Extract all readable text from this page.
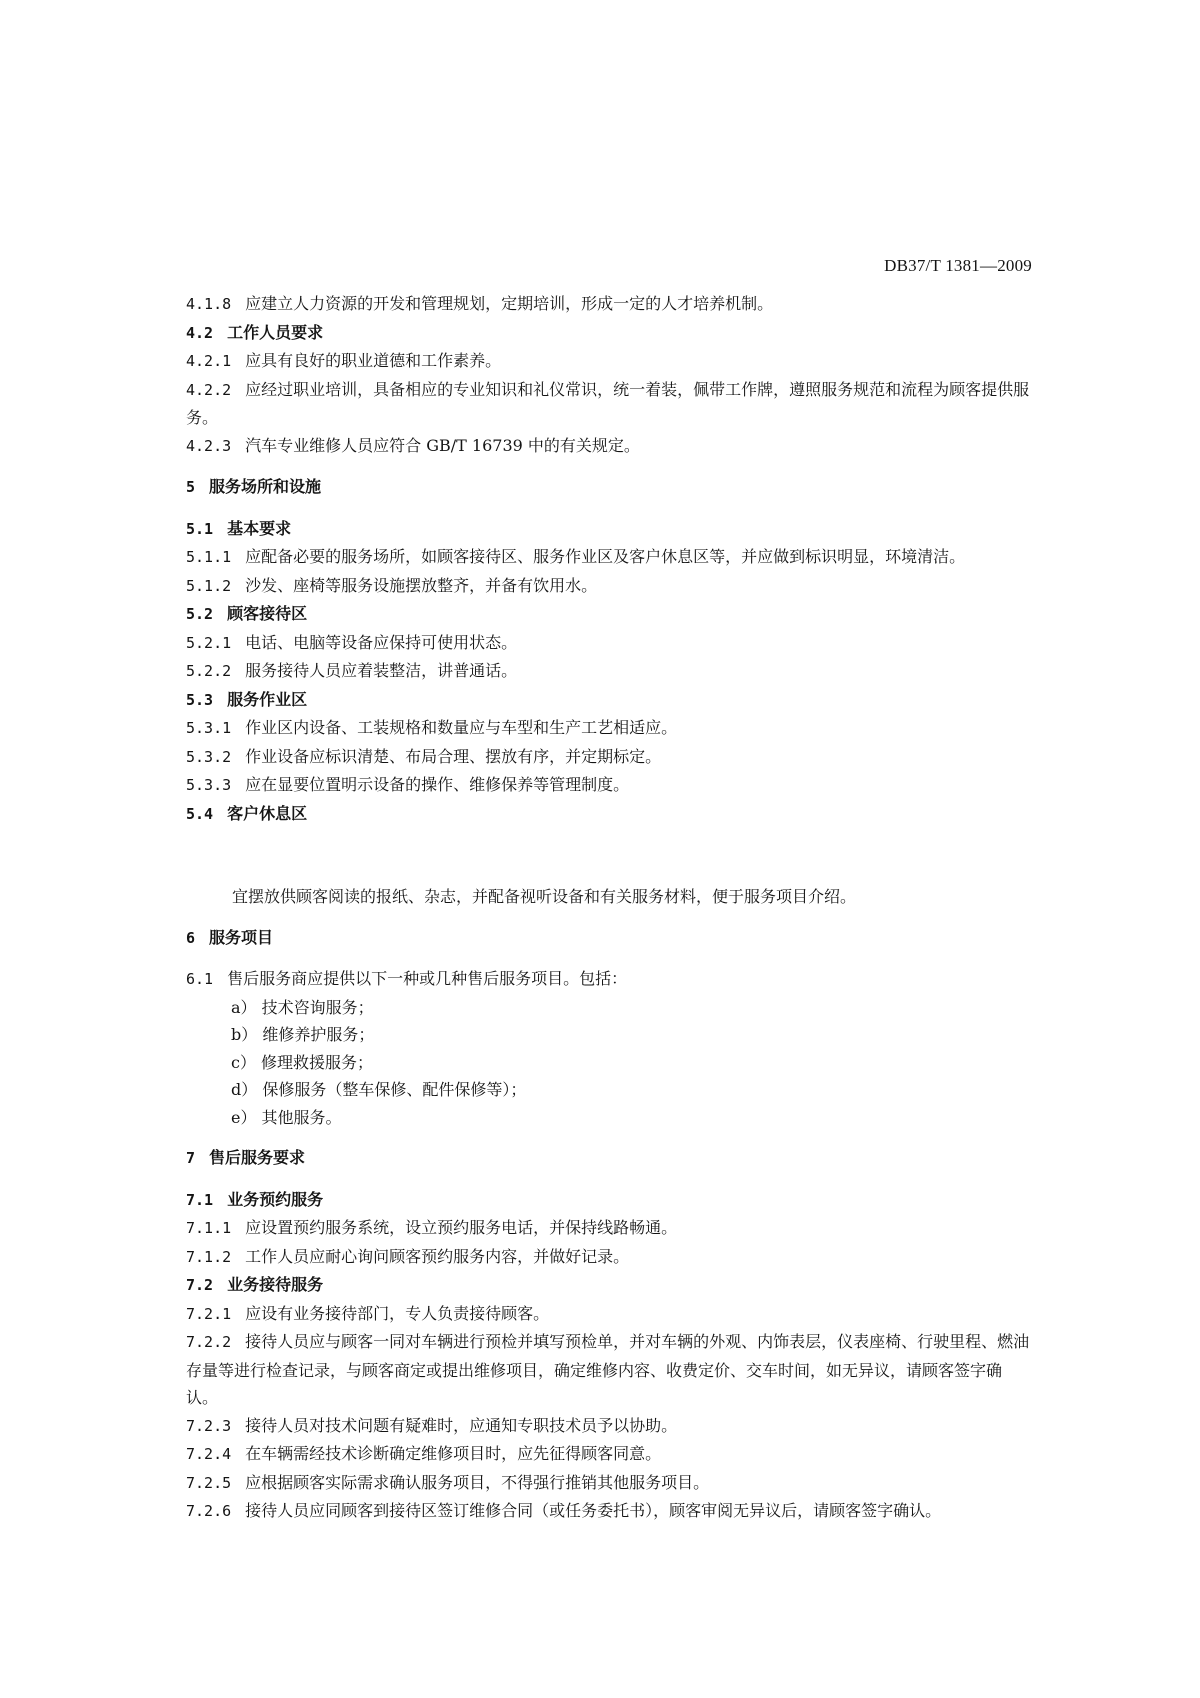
DB37/T 1381—2009

4.1.8 应建立人力资源的开发和管理规划，定期培训，形成一定的人才培养机制。

4.2 工作人员要求

4.2.1 应具有良好的职业道德和工作素养。

4.2.2 应经过职业培训，具备相应的专业知识和礼仪常识，统一着装，佩带工作牌，遵照服务规范和流程为顾客提供服务。

4.2.3 汽车专业维修人员应符合 GB/T 16739 中的有关规定。

5 服务场所和设施

5.1 基本要求

5.1.1 应配备必要的服务场所，如顾客接待区、服务作业区及客户休息区等，并应做到标识明显，环境清洁。

5.1.2 沙发、座椅等服务设施摆放整齐，并备有饮用水。

5.2 顾客接待区

5.2.1 电话、电脑等设备应保持可使用状态。

5.2.2 服务接待人员应着装整洁，讲普通话。

5.3 服务作业区

5.3.1 作业区内设备、工装规格和数量应与车型和生产工艺相适应。

5.3.2 作业设备应标识清楚、布局合理、摆放有序，并定期标定。

5.3.3 应在显要位置明示设备的操作、维修保养等管理制度。

5.4 客户休息区

宜摆放供顾客阅读的报纸、杂志，并配备视听设备和有关服务材料，便于服务项目介绍。

6 服务项目

6.1 售后服务商应提供以下一种或几种售后服务项目。包括：

a） 技术咨询服务；

b） 维修养护服务；

c） 修理救援服务；

d） 保修服务（整车保修、配件保修等）；

e） 其他服务。

7 售后服务要求

7.1 业务预约服务

7.1.1 应设置预约服务系统，设立预约服务电话，并保持线路畅通。

7.1.2 工作人员应耐心询问顾客预约服务内容，并做好记录。

7.2 业务接待服务

7.2.1 应设有业务接待部门，专人负责接待顾客。

7.2.2 接待人员应与顾客一同对车辆进行预检并填写预检单，并对车辆的外观、内饰表层，仪表座椅、行驶里程、燃油存量等进行检查记录，与顾客商定或提出维修项目，确定维修内容、收费定价、交车时间，如无异议，请顾客签字确认。

7.2.3 接待人员对技术问题有疑难时，应通知专职技术员予以协助。

7.2.4 在车辆需经技术诊断确定维修项目时，应先征得顾客同意。

7.2.5 应根据顾客实际需求确认服务项目，不得强行推销其他服务项目。

7.2.6 接待人员应同顾客到接待区签订维修合同（或任务委托书），顾客审阅无异议后，请顾客签字确认。
